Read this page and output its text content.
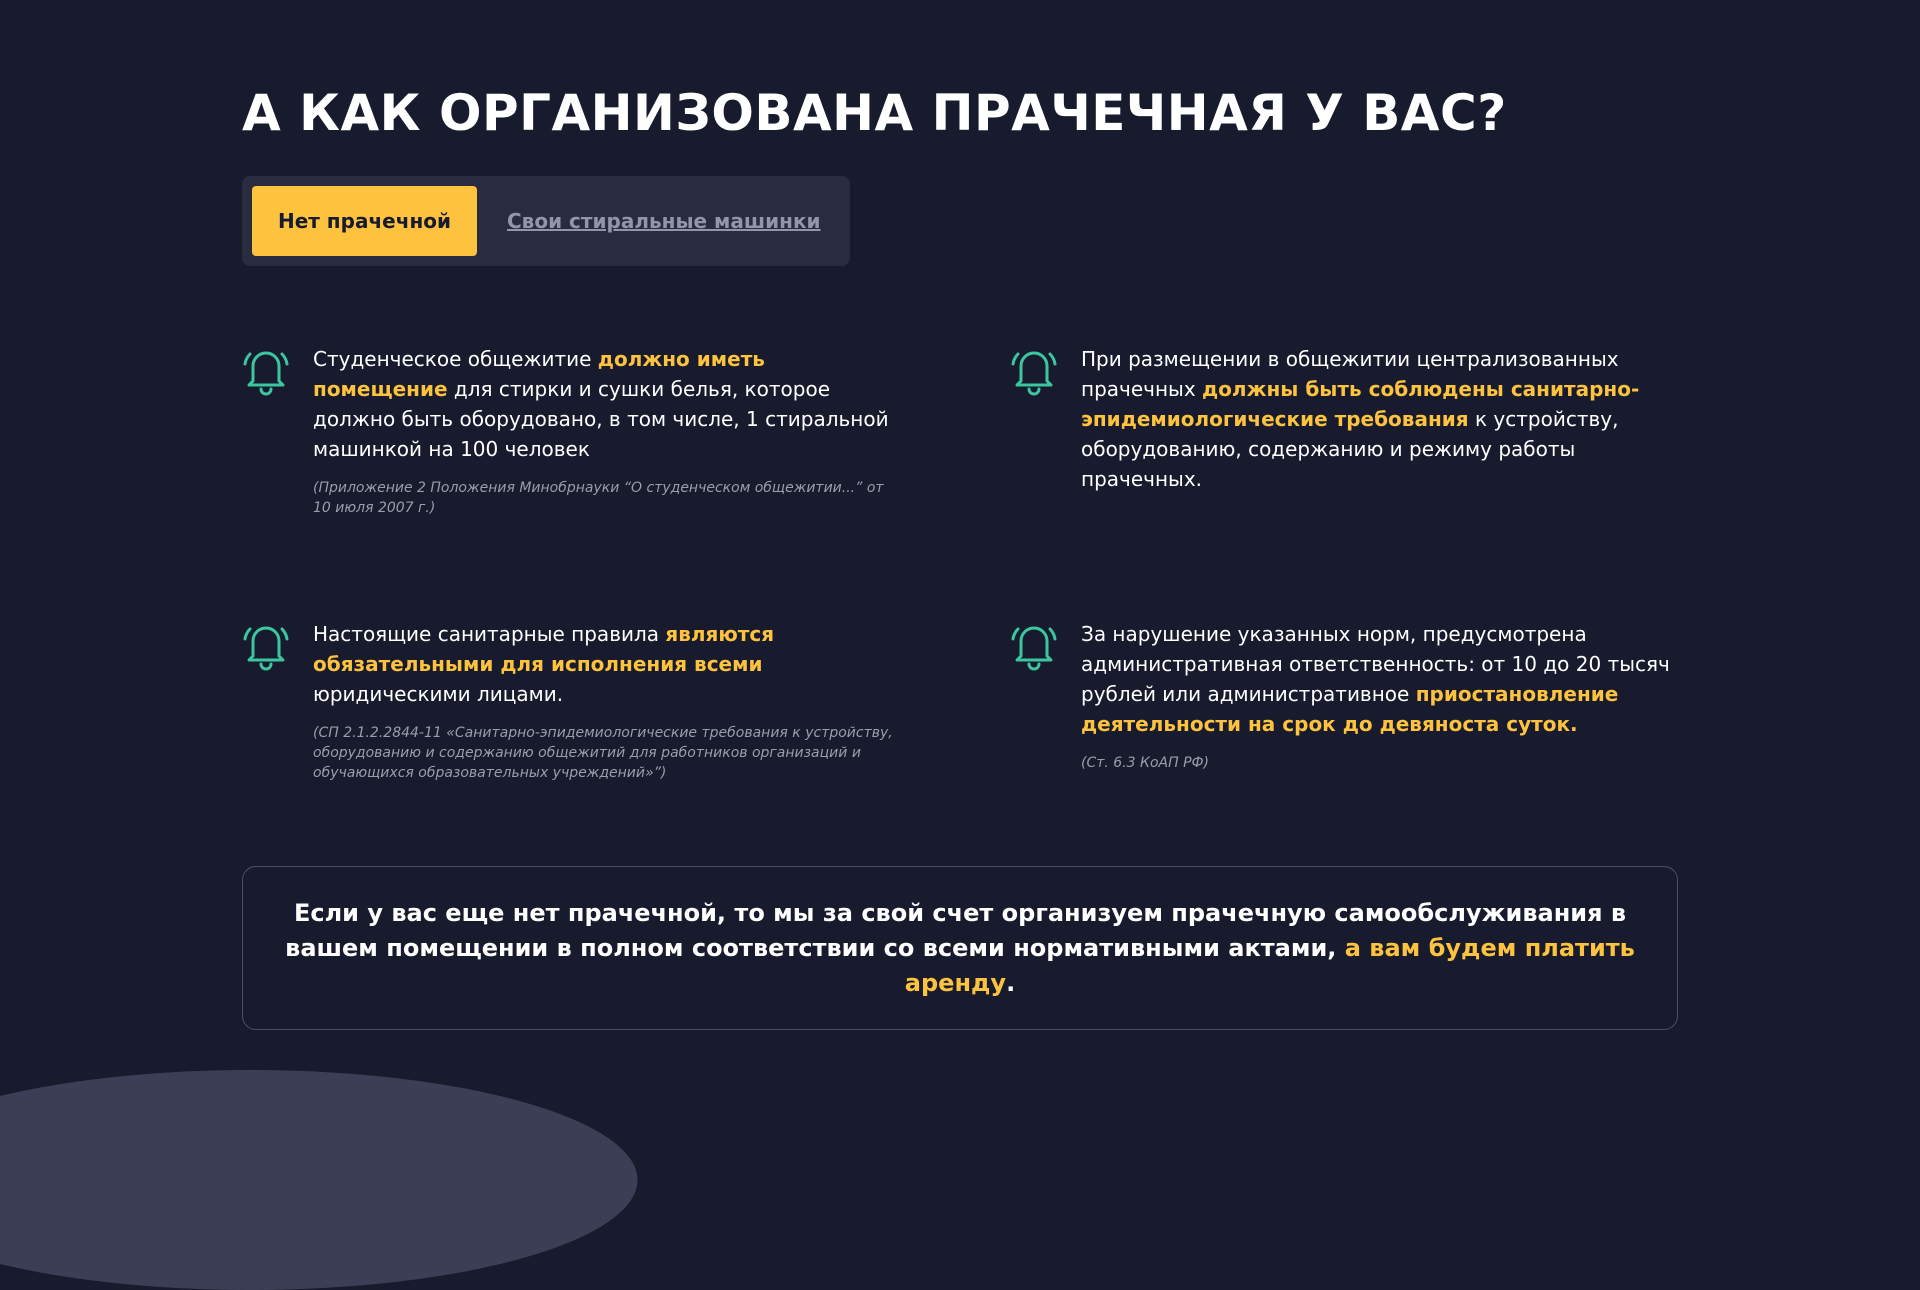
А КАК ОРГАНИЗОВАНА ПРАЧЕЧНАЯ У ВАС?
Нет прачечной	Свои стиральные машинки
Студенческое общежитие должно иметь помещение для стирки и сушки белья, которое должно быть оборудовано, в том числе, 1 стиральной машинкой на 100 человек
(Приложение 2 Положения Минобрнауки “О студенческом общежитии...” от 10 июля 2007 г.)
При размещении в общежитии централизованных прачечных должны быть соблюдены санитарно-эпидемиологические требования к устройству, оборудованию, содержанию и режиму работы прачечных.
Настоящие санитарные правила являются обязательными для исполнения всеми юридическими лицами.
(СП 2.1.2.2844-11 «Санитарно-эпидемиологические требования к устройству, оборудованию и содержанию общежитий для работников организаций и обучающихся образовательных учреждений»”)
За нарушение указанных норм, предусмотрена административная ответственность: от 10 до 20 тысяч рублей или административное приостановление деятельности на срок до девяноста суток.
(Ст. 6.3 КоАП РФ)

Если у вас еще нет прачечной, то мы за свой счет организуем прачечную самообслуживания в вашем помещении в полном соответствии со всеми нормативными актами, а вам будем платить аренду.
